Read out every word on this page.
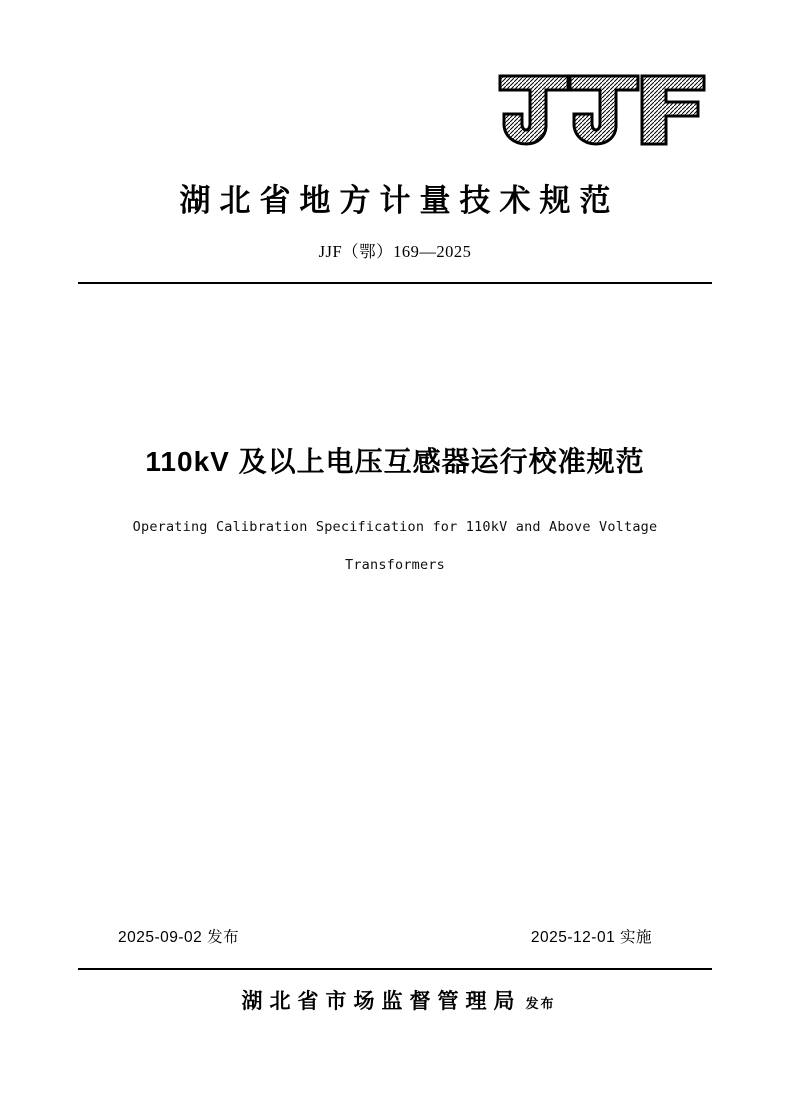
湖北省地方计量技术规范
JJF（鄂）169—2025
110kV 及以上电压互感器运行校准规范
Operating Calibration Specification for 110kV and Above Voltage
Transformers
2025-09-02 发布	2025-12-01 实施
湖北省市场监督管理局 发布
